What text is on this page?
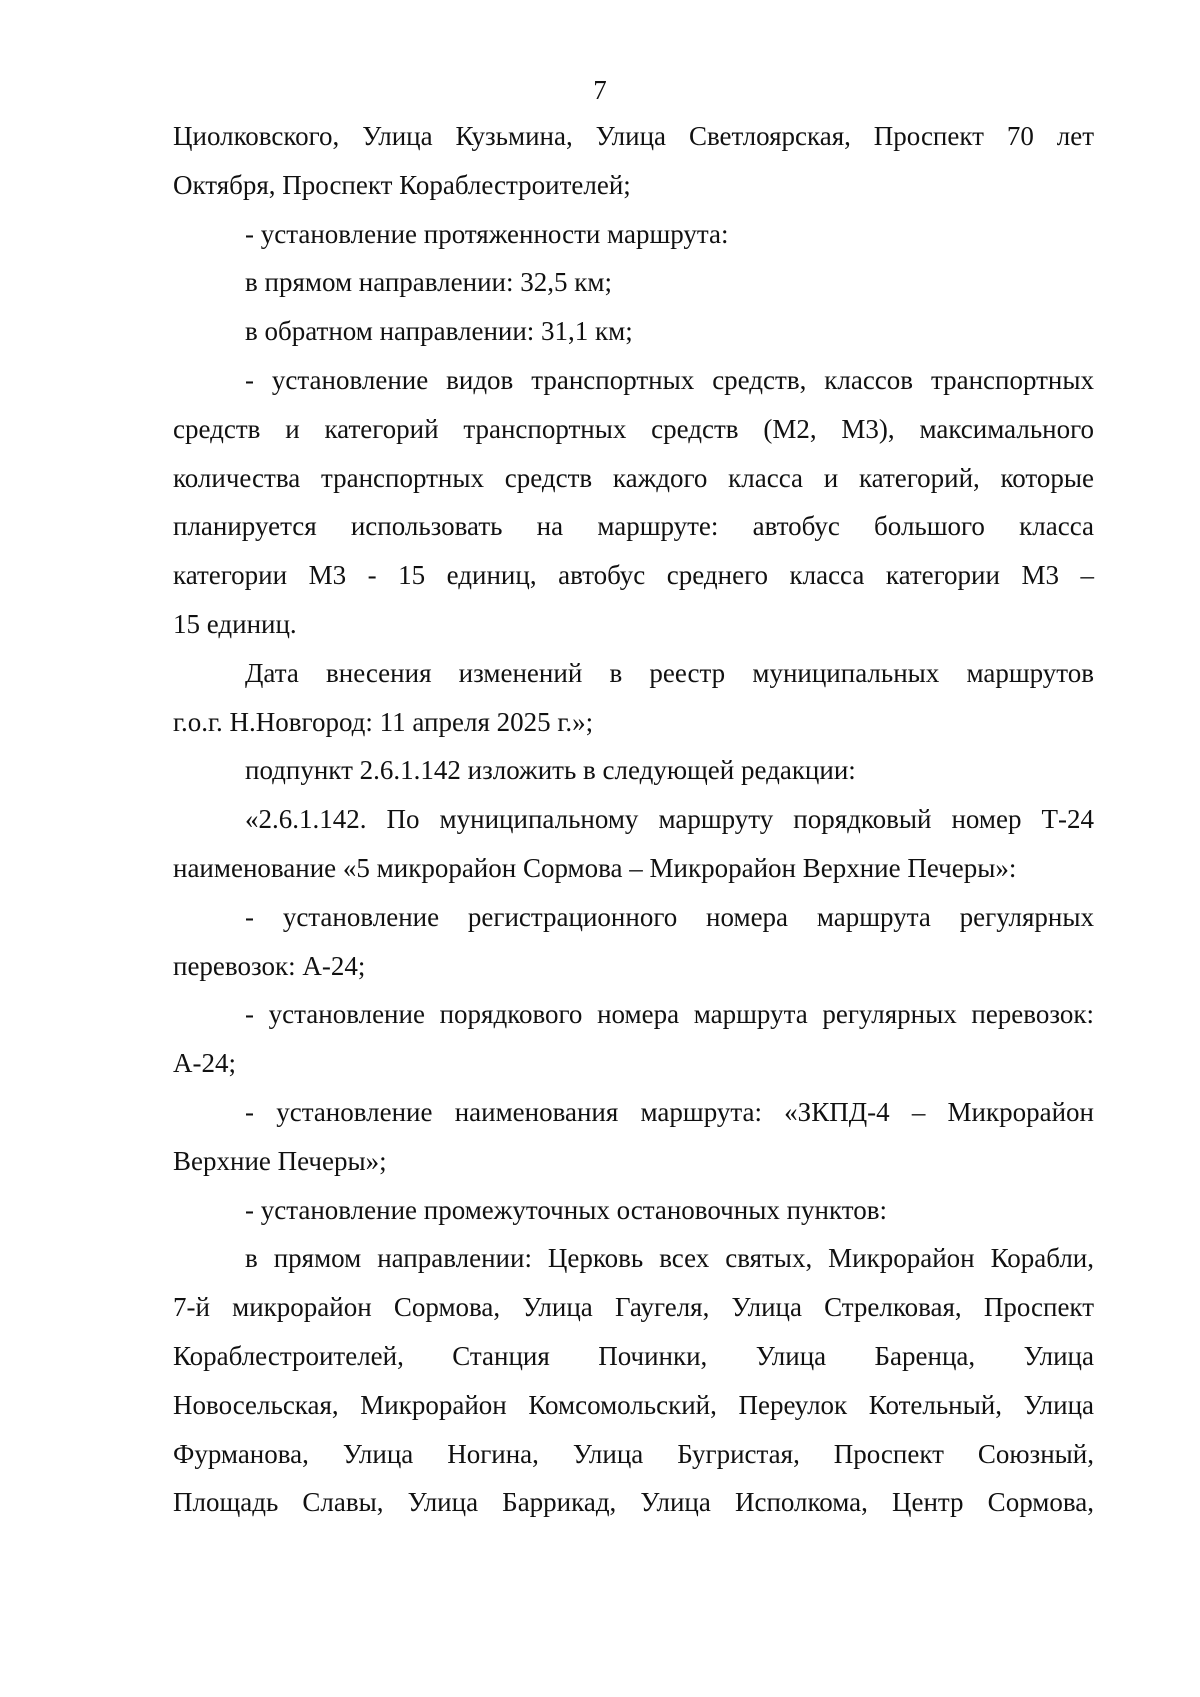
7
Циолковского, Улица Кузьмина, Улица Светлоярская, Проспект 70 лет
Октября, Проспект Кораблестроителей;
- установление протяженности маршрута:
в прямом направлении: 32,5 км;
в обратном направлении: 31,1 км;
- установление видов транспортных средств, классов транспортных
средств и категорий транспортных средств (М2, М3), максимального
количества транспортных средств каждого класса и категорий, которые
планируется использовать на маршруте: автобус большого класса
категории М3 - 15 единиц, автобус среднего класса категории М3 –
15 единиц.
Дата внесения изменений в реестр муниципальных маршрутов
г.о.г. Н.Новгород: 11 апреля 2025 г.»;
подпункт 2.6.1.142 изложить в следующей редакции:
«2.6.1.142. По муниципальному маршруту порядковый номер Т-24
наименование «5 микрорайон Сормова – Микрорайон Верхние Печеры»:
- установление регистрационного номера маршрута регулярных
перевозок: А-24;
- установление порядкового номера маршрута регулярных перевозок:
А-24;
- установление наименования маршрута: «ЗКПД-4 – Микрорайон
Верхние Печеры»;
- установление промежуточных остановочных пунктов:
в прямом направлении: Церковь всех святых, Микрорайон Корабли,
7-й микрорайон Сормова, Улица Гаугеля, Улица Стрелковая, Проспект
Кораблестроителей, Станция Починки, Улица Баренца, Улица
Новосельская, Микрорайон Комсомольский, Переулок Котельный, Улица
Фурманова, Улица Ногина, Улица Бугристая, Проспект Союзный,
Площадь Славы, Улица Баррикад, Улица Исполкома, Центр Сормова,
